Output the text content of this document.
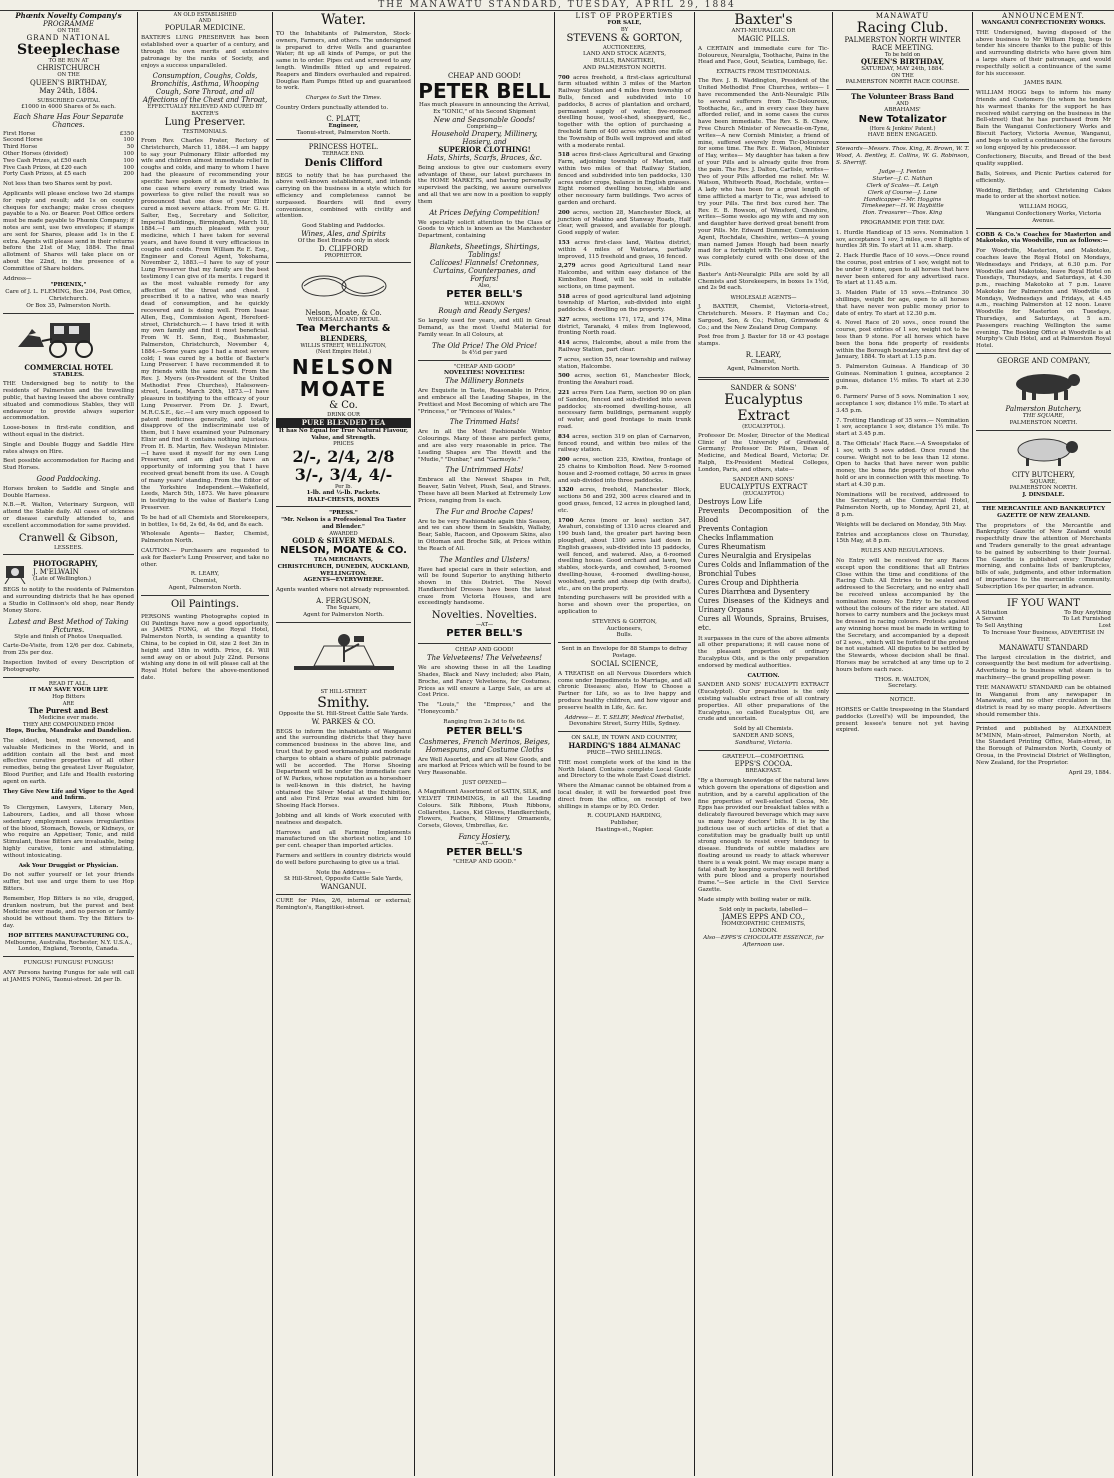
THE MANAWATU STANDARD, TUESDAY, APRIL 29, 1884
Phœnix Novelty Company's
PROGRAMME
ON THE
GRAND NATIONAL
Steeplechase
TO BE RUN AT
CHRISTCHURCH
ON THE
QUEEN'S BIRTHDAY,
May 24th, 1884.
SUBSCRIBED CAPITAL
£1000 in 4000 Shares of 5s each.
Each Share Has Four Separate Chances.
First Horse	£350
Second Horse	100
Third Horse	50
Other Horses (divided)	100
Two Cash Prizes, at £50 each	100
Five Cash Prizes, at £20 each	100
Forty Cash Prizes, at £5 each	200
Not less than two Shares sent by post.
Applicants will please enclose two 2d stamps for reply and result; add 1s on country cheques for exchange; make cross cheques payable to a No. or Bearer. Post Office orders must be made payable to Phœnix Company; if notes are sent, use two envelopes; if stamps are sent for Shares, please add 1s in the £ extra. Agents will please send in their returns before the 21st of May, 1884. The final allotment of Shares will take place on or about the 22nd, in the presence of a Committee of Share holders.
Address—
"PHŒNIX,"
Care of J. L. FLEMING, Box 204, Post Office, Christchurch.
Or Box 35, Palmerston North.
COMMERCIAL HOTEL
STABLES.
THE Undersigned beg to notify to the residents of Palmerston and the travelling public, that having leased the above centrally situated and commodious Stables, they will endeavour to provide always superior accommodation.
Loose-boxes in first-rate condition, and without equal in the district.
Single and Double Buggy and Saddle Hire rates always on Hire.
Best possible accommodation for Racing and Stud Horses.
Good Paddocking.
Horses broken to Saddle and Single and Double Harness.
N.B.—R. Walton, Veterinary Surgeon, will attend the Stable daily. All cases of sickness or disease carefully attended to, and excellent accommodation for same provided.
Cranwell & Gibson,
LESSEES.
PHOTOGRAPHY,
J. M'ELWAIN
(Late of Wellington.)
BEGS to notify to the residents of Palmerston and surrounding districts that he has opened a Studio in Collinson's old shop, near Rendy Money Store.
Latest and Best Method of Taking Pictures.
Style and finish of Photos Unequalled.
Carte-De-Visite, from 12/6 per doz. Cabinets, from 25s per doz.
Inspection Invited of every Description of Photography.
READ IT ALL.
IT MAY SAVE YOUR LIFE
Hop Bitters
ARE
The Purest and Best
Medicine ever made.
THEY ARE COMPOUNDED FROM
Hops, Buchu, Mandrake and Dandelion.
The oldest, best, most renowned, and valuable Medicines in the World, and in addition contain all the best and most effective curative properties of all other remedies, being the greatest Liver Regulator, Blood Purifier, and Life and Health restoring agent on earth.
They Give New Life and Vigor to the Aged and Infirm.
To Clergymen, Lawyers, Literary Men, Labourers, Ladies, and all those whose sedentary employment causes irregularities of the blood, Stomach, Bowels, or Kidneys, or who require an Appetiser, Tonic, and mild Stimulant, these Bitters are invaluable, being highly curative, tonic and stimulating, without intoxicating.
Ask Your Druggist or Physician.
Do not suffer yourself or let your friends suffer, but use and urge them to use Hop Bitters.
Remember, Hop Bitters is no vile, drugged, drunken nostrum, but the purest and best Medicine ever made, and no person or family should be without them. Try the Bitters to-day.
HOP BITTERS MANUFACTURING CO.,
Melbourne, Australia, Rochester, N.Y. U.S.A., London, England, Toronto, Canada.
FUNGUS! FUNGUS! FUNGUS!
ANY Persons having Fungus for sale will call at JAMES FONG, Taonui-street. 2d per lb.
AN OLD ESTABLISHED
AND
POPULAR MEDICINE.
BAXTER'S LUNG PRESERVER has been established over a quarter of a century, and through its own merits and extensive patronage by the ranks of Society, and enjoys a success unparalleled.
Consumption, Coughs, Colds, Bronchitis, Asthma, Whooping Cough, Sore Throat, and all Affections of the Chest and Throat,
EFFECTUALLY RELIEVED AND CURED BY BAXTER'S
Lung Preserver.
TESTIMONIALS.
From Rev. Charles Prater, Rectory of Christchurch, March 11, 1884.—I am happy to say your Pulmonary Elixir afforded my wife and children almost immediate relief in coughs and colds, and many to whom I have had the pleasure of recommending your specific have spoken of it as invaluable. In one case where every remedy tried was powerless to give relief the result was so pronounced that one dose of your Elixir cured a most severe attack. From Mr. G. H. Salter, Esq., Secretary and Solicitor, Imperial Buildings, Birmingham, March 18, 1884.—I am much pleased with your medicine, which I have taken for several years, and have found it very efficacious in coughs and colds. From William Re E. Esq., Engineer and Consul Agent, Yokohama, November 2, 1883.—I have to say of your Lung Preserver that my family are the best testimony I can give of its merits. I regard it as the most valuable remedy for any affection of the throat and chest. I prescribed it to a native, who was nearly dead of consumption, and he quickly recovered and is doing well. From Isaac Allen, Esq., Commission Agent, Hereford-street, Christchurch.— I have tried it with my own family and find it most beneficial. From W. H. Senn, Esq., Bushmaster, Palmerston, Christchurch, November 4, 1884.—Some years ago I had a most severe cold; I was cured by a bottle of Baxter's Lung Preserver. I have recommended it to my friends with the same result. From the Rev. J. Myers (ex-President of the United Methodist Free Churches), Halesowen-street, Leeds, March 20th, 1873.—I have pleasure in testifying to the efficacy of your Lung Preserver. From Dr. J. Ewart, M.R.C.S.E., &c.—I am very much opposed to patent medicines generally, and totally disapprove of the indiscriminate use of them, but I have examined your Pulmonary Elixir and find it contains nothing injurious. From H. B. Martin, Rev. Wesleyan Minister.—I have used it myself for my own Lung Preserver, and am glad to have an opportunity of informing you that I have received great benefit from its use. A Cough of many years' standing. From the Editor of the Yorkshire Independent.—Wakefield, Leeds, March 5th, 1873. We have pleasure in testifying to the value of Baxter's Lung Preserver.
To be had of all Chemists and Storekeepers, in bottles, 1s 6d, 2s 6d, 4s 6d, and 8s each.
Wholesale Agents— Baxter, Chemist, Palmerston North.
CAUTION.— Purchasers are requested to ask for Baxter's Lung Preserver, and take no other.
R. LEARY,
Chemist,
Agent, Palmerston North.
Oil Paintings.
PERSONS wanting Photographs copied in Oil Paintings have now a good opportunity, as JAMES FONG, at the Royal Hotel, Palmerston North, is sending a quantity to China, to be copied in Oil, size 2 feet 3in in height and 18in in width. Price, £4. Will send away on or about July 22nd. Persons wishing any done in oil will please call at the Royal Hotel before the above-mentioned date.
Water.
TO the Inhabitants of Palmerston, Stock-owners, Farmers, and others. The undersigned is prepared to drive Wells and guarantee Water; fit up all kinds of Pumps, or put the same in to order. Pipes cut and screwed to any length. Windmills fitted up and repaired. Reapers and Binders overhauled and repaired. Douglas Ram Pumps fitted up and guaranteed to work.
Charges to Suit the Times.
Country Orders punctually attended to.
C. PLATT,
Engineer,
Taonui-street, Palmerston North.
PRINCESS HOTEL.
TERRACE END.
Denis Clifford
BEGS to notify that he has purchased the above well-known establishment, and intends carrying on the business in a style which for efficiency and completeness cannot be surpassed. Boarders will find every convenience, combined with civility and attention.
Good Stabling and Paddocks.
Wines, Ales, and Spirits
Of the Best Brands only in stock
D. CLIFFORD
PROPRIETOR.
Nelson, Moate, & Co.
WHOLESALE AND RETAIL
Tea Merchants &
BLENDERS,
WILLIS STREET, WELLINGTON,
(Next Empire Hotel.)
NELSON
MOATE
& Co.
DRINK OUR
PURE BLENDED TEA
It has No Equal for True Natural Flavour, Value, and Strength.
PRICES
2/-, 2/4, 2/8
3/-, 3/4, 4/-
Per lb.
1-lb. and ½-lb. Packets.
HALF-CHESTS, BOXES
"PRESS."
"Mr. Nelson is a Professional Tea Taster and Blender."
AWARDED
GOLD & SILVER MEDALS.
NELSON, MOATE & CO.
TEA MERCHANTS,
CHRISTCHURCH, DUNEDIN, AUCKLAND, WELLINGTON.
AGENTS—EVERYWHERE.
Agents wanted where not already represented.
A. FERGUSON,
The Square,
Agent for Palmerston North.
ST HILL-STREET
Smithy.
Opposite the St. Hill-Street Cattle Sale Yards.
W. PARKES & CO.
BEGS to inform the inhabitants of Wanganui and the surrounding districts that they have commenced business in the above line, and trust that by good workmanship and moderate charges to obtain a share of public patronage will be accorded. The Horse Shoeing Department will be under the immediate care of W. Parkes, whose reputation as a horseshoer is well-known in this district, he having obtained the Silver Medal at the Exhibition, and also First Prize was awarded him for Shoeing Hack Horses.
Jobbing and all kinds of Work executed with neatness and despatch.
Harrows and all Farming Implements manufactured on the shortest notice, and 10 per cent. cheaper than imported articles.
Farmers and settlers in country districts would do well before purchasing to give us a trial.
Note the Address—
St Hill-Street, Opposite Cattle Sale Yards,
WANGANUI.
CURE for Piles, 2/6, internal or external; Remington's, Rangitikei-street.
CHEAP AND GOOD!
PETER BELL
Has much pleasure in announcing the Arrival, Ex "IONIC," of his Second Shipment
New and Seasonable Goods!
Comprising—
Household Drapery, Millinery, Hosiery, and
SUPERIOR CLOTHING!
Hats, Shirts, Scarfs, Braces, &c.
Being anxious to give our customers every advantage of these, our latest purchases in the HOME MARKETS, and having personally supervised the packing, we assure ourselves and all that we are now in a position to supply them
At Prices Defying Competition!
We specially solicit attention to the Class of Goods to which is known as the Manchester Department, containing
Blankets, Sheetings, Shirtings, Tablings!
Calicoes! Flannels! Cretonnes, Curtains, Counterpanes, and Forfars!
Also,
PETER BELL'S
WELL-KNOWN
Rough and Ready Serges!
So largely used for years, and still in Great Demand, as the most Useful Material for Family wear. In all Colours, at
The Old Price! The Old Price!
Is 4½d per yard
"CHEAP AND GOOD"
NOVELTIES! NOVELTIES!
The Millinery Bonnets
Are Exquisite in Taste, Reasonable in Price, and embrace all the Leading Shapes, in the Prettiest and Most Becoming of which are The "Princess," or "Princess of Wales."
The Trimmed Hats!
Are in all the Most Fashionable Winter Colourings. Many of these are perfect gems, and are also very reasonable in price. The Leading Shapes are The Hewitt and the "Mudie," "Dunbar," and "Garmoyle."
The Untrimmed Hats!
Embrace all the Newest Shapes in Felt, Beaver, Satin Velvet, Plush, Seal, and Straws. These have all been Marked at Extremely Low Prices, ranging from 1s each.
The Fur and Broche Capes!
Are to be very Fashionable again this Season, and we can show them in Sealskin, Wallaby, Bear, Sable, Racoon, and Opossum Skins, also in Ottoman and Broche Silk, at Prices within the Reach of All.
The Mantles and Ulsters!
Have had special care in their selection, and will be found Superior to anything hitherto shown in this District. The Novel Handkerchief Dresses have been the latest craze from Victoria Houses, and are exceedingly handsome.
Novelties. Novelties.
—AT—
PETER BELL'S
CHEAP AND GOOD!
The Velveteens! The Velveteens!
We are showing these in all the Leading Shades, Black and Navy included; also Plain, Broche, and Fancy Velveteens, for Costumes. Prices as will ensure a Large Sale, as are at Cost Price.
The "Louis," the "Empress," and the "Honeycomb."
Ranging from 2s 3d to 6s 6d.
PETER BELL'S
Cashmeres, French Merinos, Beiges, Homespuns, and Costume Cloths
Are Well Assorted, and are all New Goods, and are marked at Prices which will be found to be Very Reasonable.
JUST OPENED—
A Magnificent Assortment of SATIN, SILK, and VELVET TRIMMINGS, in all the Leading Colours. Silk Ribbons, Plush Ribbons, Collarettes, Laces, Kid Gloves, Handkerchiefs, Flowers, Feathers, Millinery Ornaments, Corsets, Gloves, Umbrellas, &c.
Fancy Hosiery,
—AT—
PETER BELL'S
"CHEAP AND GOOD."
LIST OF PROPERTIES
FOR SALE,
BY
STEVENS & GORTON,
AUCTIONEERS,
LAND AND STOCK AGENTS,
BULLS, RANGITIKEI,
AND PALMERSTON NORTH.
700 acres freehold, a first-class agricultural farm situated within 3 miles of the Marton Railway Station and 4 miles from township of Bulls, fenced and subdivided into 10 paddocks, 8 acres of plantation and orchard, permanent supply of water, five-roomed dwelling house, wool-shed, sheepyard, &c., together with the option of purchasing a freehold farm of 400 acres within one mile of the Township of Bulls well improved and sited with a moderate rental.
518 acres first-class Agricultural and Grazing Farm, adjoining township of Marton, and within two miles of that Railway Station, fenced and subdivided into ten paddocks, 130 acres under crops, balance in English grasses. Eight roomed dwelling house, stable and other necessary farm buildings. Two acres of garden and orchard.
200 acres, section 28, Manchester Block, at junction of Makino and Stanway Roads, Half clear, well grassed, and available for plough. Good supply of water.
153 acres first-class land, Waitea district, within 4 miles of Waitotara, partially improved, 115 freehold and grass, 16 fenced.
2,279 acres good Agricultural Land near Halcombe, and within easy distance of the Kimbolton Road, will be sold in suitable sections, on time payment.
518 acres of good agricultural land adjoining township of Marton, sub-divided into eight paddocks. 4 dwelling on the property.
327 acres, sections 171, 172, and 174, Mina district, Taranaki, 4 miles from Inglewood, fronting North road.
414 acres, Halcombe, about a mile from the Railway Station, part clear.
7 acres, section 55, near township and railway station, Halcombe.
500 acres, section 61, Manchester Block, fronting the Awahuri road.
221 acres Fern Lea Farm, section 90 on plan of Sandon, fenced and sub-divided into seven paddocks; six-roomed dwelling-house, all necessary farm buildings, permanent supply of water, and good frontage to main trunk road.
834 acres, section 319 on plan of Carnarvon, fenced round, and within two miles of the railway station.
200 acres, section 235, Kiwitea, frontage of 25 chains to Kimbolton Road. New 5-roomed house and 2-roomed cottage, 50 acres in grass and sub-divided into three paddocks.
1320 acres, freehold, Manchester Block, sections 56 and 292, 300 acres cleared and in good grass, fenced, 12 acres in ploughed land, etc.
1700 Acres (more or less) section 347, Awahuri, consisting of 1310 acres cleared and 190 bush land, the greater part having been ploughed, about 1300 acres laid down in English grasses, sub-divided into 15 paddocks, well fenced, and watered. Also, a 6-roomed dwelling house. Good orchard and lawn, two stables, stock-yards, and cowshed, 5-roomed dwelling-house, 4-roomed dwelling-house, woolshed, yards and sheep dip (with drafts), etc., are on the property.
Intending purchasers will be provided with a horse and shown over the properties, on application to
STEVENS & GORTON,
Auctioneers,
Bulls.
Sent in an Envelope for 88 Stamps to defray Postage.
SOCIAL SCIENCE,
A TREATISE on all Nervous Disorders which come under Impediments to Marriage, and all chronic Diseases; also, How to Choose a Partner for Life, so as to live happy and produce healthy children, and how vigour and preserve health in Life, &c. &c.
Address— E. T. SELBY, Medical Herbalist,
Devonshire Street, Surry Hills, Sydney.
ON SALE, IN TOWN AND COUNTRY,
HARDING'S 1884 ALMANAC
PRICE—TWO SHILLINGS.
THE most complete work of the kind in the North Island. Contains complete Local Guide and Directory to the whole East Coast district.
Where the Almanac cannot be obtained from a local dealer, it will be forwarded post free direct from the office, on receipt of two shillings in stamps or by P.O. Order.
R. COUPLAND HARDING,
Publisher,
Hastings-st., Napier.
Baxter's
ANTI-NEURALGIC OR
MAGIC PILLS.
A CERTAIN and immediate cure for Tic-Doloureux, Neuralgia, Toothache, Pains in the Head and Face, Gout, Sciatica, Lumbago, &c.
EXTRACTS FROM TESTIMONIALS.
The Rev. J. B. Waddington, President of the United Methodist Free Churches, writes— I have recommended the Anti-Neuralgic Pills to several sufferers from Tic-Doloureux, Toothache, &c., and in every case they have afforded relief, and in some cases the cures have been immediate. The Rev. S. B. Chew, Free Church Minister of Newcastle-on-Tyne, writes—A new Cornish Minister, a friend of mine, suffered severely from Tic-Doloureux for some time. The Rev. E. Watson, Minister of Hay, writes— My daughter has taken a few of your Pills and is already quite free from the pain. The Rev. J. Dalton, Carlisle, writes—Two of your Pills afforded me relief. Mr. W. Watson, Whitworth Road, Rochdale, writes—A lady who has been for a great length of time afflicted a martyr to Tic, was advised to try your Pills. The first box cured her. The Rev. E. B. Rowson, of Winsford, Cheshire, writes—Some weeks ago my wife and my son and daughter have derived great benefit from your Pills. Mr. Edward Dummer, Commission Agent, Rochdale, Cheshire, writes—A young man named James Hough had been nearly mad for a fortnight with Tic-Doloureux, and was completely cured with one dose of the Pills.
Baxter's Anti-Neuralgic Pills are sold by all Chemists and Storekeepers, in boxes 1s 1½d, and 2s 9d each.
WHOLESALE AGENTS—
J. BAXTER, Chemist, Victoria-street, Christchurch. Messrs. P. Hayman and Co.; Sargood, Son, & Co.; Felton, Grimwade & Co.; and the New Zealand Drug Company.
Post free from J. Baxter for 18 or 43 postage stamps.
R. LEARY,
Chemist,
Agent, Palmerston North.
SANDER & SONS'
Eucalyptus Extract
(EUCALYPTOL).
Professor Dr. Mosler, Director of the Medical Clinic of the University of Greifswald, Germany; Professor Dr. Pilsen, Dean of Medicine, and Medical Board, Victoria; Dr. Ralph, Ex-President Medical Colleges, London, Paris, and others, state—
SANDER AND SONS'
EUCALYPTUS EXTRACT
(EUCALYPTOL)
Destroys Low Life
Prevents Decomposition of the Blood
Prevents Contagion
Checks Inflammation
Cures Rheumatism
Cures Neuralgia and Erysipelas
Cures Colds and Inflammation of the Bronchial Tubes
Cures Croup and Diphtheria
Cures Diarrhœa and Dysentery
Cures Diseases of the Kidneys and Urinary Organs
Cures all Wounds, Sprains, Bruises, etc.
It surpasses in the cure of the above ailments all other preparations; it will cause none of the pleasant properties of ordinary Eucalyptus Oils, and is the only preparation endorsed by medical authorities.
CAUTION.
SANDER AND SONS' EUCALYPTI EXTRACT (Eucalyptol). Our preparation is the only existing valuable extract free of all contrary properties. All other preparations of the Eucalyptus, so called Eucalyptus Oil, are crude and uncertain.
Sold by all Chemists.
SANDER AND SONS,
Sandhurst, Victoria.
GRATEFUL—COMFORTING.
EPPS'S COCOA.
BREAKFAST.
"By a thorough knowledge of the natural laws which govern the operations of digestion and nutrition, and by a careful application of the fine properties of well-selected Cocoa, Mr. Epps has provided our breakfast tables with a delicately flavoured beverage which may save us many heavy doctors' bills. It is by the judicious use of such articles of diet that a constitution may be gradually built up until strong enough to resist every tendency to disease. Hundreds of subtle maladies are floating around us ready to attack wherever there is a weak point. We may escape many a fatal shaft by keeping ourselves well fortified with pure blood and a properly nourished frame."—See article in the Civil Service Gazette.
Made simply with boiling water or milk.
Sold only in packets, labelled—
JAMES EPPS AND CO.,
HOMŒOPATHIC CHEMISTS,
LONDON.
Also—EPPS'S CHOCOLATE ESSENCE, for Afternoon use.
MANAWATU
Racing Club.
PALMERSTON NORTH WINTER RACE MEETING.
To be held on
QUEEN'S BIRTHDAY,
SATURDAY, MAY 24th, 1884.
ON THE
PALMERSTON NORTH RACE COURSE.
The Volunteer Brass Band
AND
ABRAHAMS'
New Totalizator
(Hore & Jenkins' Patent.)
HAVE BEEN ENGAGED.
Stewards—Messrs. Thos. King, R. Brown, W. T. Wood, A. Bentley, E. Collins, W. G. Robinson, S. Sherriff.
Judge—J. Fenton
Starter—J. C. Nathan
Clerk of Scales—R. Leigh
Clerk of Course—J. Lane
Handicapper—Mr. Hoggins
Timekeeper—H. W. Haybittle
Hon. Treasurer—Thos. King
PROGRAMME FOR THE DAY.
1. Hurdle Handicap of 15 sovs. Nomination 1 sov, acceptance 1 sov, 3 miles, over 8 flights of hurdles 3ft 9in. To start at 11 a.m. sharp.
2. Hack Hurdle Race of 10 sovs.—Once round the course, post entries of 1 sov, weight not to be under 9 stone, open to all horses that have never been entered for any advertised race. To start at 11.45 a.m.
3. Maiden Plate of 15 sovs.—Entrance 30 shillings, weight for age, open to all horses that have never won public money prior to date of entry. To start at 12.30 p.m.
4. Novel Race of 20 sovs., once round the course, post entries of 1 sov, weight not to be less than 9 stone. For all horses which have been the bona fide property of residents within the Borough boundary since first day of January, 1884. To start at 1.15 p.m.
5. Palmerston Guineas. A Handicap of 30 Guineas. Nomination 1 guinea, acceptance 2 guineas, distance 1½ miles. To start at 2.30 p.m.
6. Farmers' Purse of 5 sovs. Nomination 1 sov, acceptance 1 sov, distance 1½ mile. To start at 3.45 p.m.
7. Trotting Handicap of 35 sovs.— Nomination 1 sov, acceptance 1 sov, distance 1½ mile. To start at 3.45 p.m.
8. The Officials' Hack Race.—A Sweepstake of 1 sov, with 5 sovs added. Once round the course. Weight not to be less than 12 stone. Open to hacks that have never won public money, the bona fide property of those who hold or are in connection with this meeting. To start at 4.30 p.m.
Nominations will be received, addressed to the Secretary, at the Commercial Hotel, Palmerston North, up to Monday, April 21, at 8 p.m.
Weights will be declared on Monday, 5th May.
Entries and acceptances close on Thursday, 15th May, at 8 p.m.
RULES AND REGULATIONS.
No Entry will be received for any Races except upon the conditions: that all Entries Close within the time and conditions of the Racing Club. All Entries to be sealed and addressed to the Secretary, and no entry shall be received unless accompanied by the nomination money. No Entry to be received without the colours of the rider are stated. All horses to carry numbers and the jockeys must be dressed in racing colours. Protests against any winning horse must be made in writing to the Secretary, and accompanied by a deposit of 2 sovs., which will be forfeited if the protest be not sustained. All disputes to be settled by the Stewards, whose decision shall be final. Horses may be scratched at any time up to 2 hours before each race.
THOS. R. WALTON,
Secretary.
NOTICE.
HORSES or Cattle trespassing in the Standard paddocks (Lovell's) will be impounded, the present lessee's tenure not yet having expired.
ANNOUNCEMENT.
WANGANUI CONFECTIONERY WORKS.
THE Undersigned, having disposed of the above business to Mr William Hogg, begs to tender his sincere thanks to the public of this and surrounding districts who have given him a large share of their patronage, and would respectfully solicit a continuance of the same for his successor.
JAMES BAIN.
WILLIAM HOGG begs to inform his many friends and Customers (to whom he tenders his warmest thanks for the support he has received whilst carrying on the business in the Bell-street) that he has purchased from Mr Bain the Wanganui Confectionery Works and Biscuit Factory, Victoria Avenue, Wanganui, and begs to solicit a continuance of the favours so long enjoyed by his predecessor.
Confectionery, Biscuits, and Bread of the best quality supplied.
Balls, Soirees, and Picnic Parties catered for efficiently.
Wedding, Birthday, and Christening Cakes made to order at the shortest notice.
WILLIAM HOGG,
Wanganui Confectionery Works, Victoria Avenue.
COBB & Co.'s Coaches for Masterton and Makotoko, via Woodville, run as follows:—
For Woodville, Masterton, and Makotoko, coaches leave the Royal Hotel on Mondays, Wednesdays and Fridays, at 6.30 p.m. For Woodville and Makotoko, leave Royal Hotel on Tuesdays, Thursdays, and Saturdays, at 4.30 p.m., reaching Makotoko at 7 p.m. Leave Makotoko for Palmerston and Woodville on Mondays, Wednesdays and Fridays, at 4.45 a.m., reaching Palmerston at 12 noon. Leave Woodville for Masterton on Tuesdays, Thursdays, and Saturdays, at 5 a.m. Passengers reaching Wellington the same evening. The Booking Office at Woodville is at Murphy's Club Hotel, and at Palmerston Royal Hotel.
GEORGE AND COMPANY,
Palmerston Butchery,
THE SQUARE,
PALMERSTON NORTH.
CITY BUTCHERY,
SQUARE,
PALMERSTON NORTH.
J. DINSDALE.
THE MERCANTILE AND BANKRUPTCY GAZETTE OF NEW ZEALAND.
The proprietors of the Mercantile and Bankruptcy Gazette of New Zealand would respectfully draw the attention of Merchants and Traders generally to the great advantage to be gained by subscribing to their Journal. The Gazette is published every Thursday morning, and contains lists of bankruptcies, bills of sale, judgments, and other information of importance to the mercantile community. Subscription 16s per quarter, in advance.
IF YOU WANT
A Situation	To Buy Anything
A Servant	To Let Furnished
To Sell Anything	Lost
To Increase Your Business, ADVERTISE IN THE
MANAWATU STANDARD
The largest circulation in the district, and consequently the best medium for advertising. Advertising is to business what steam is to machinery—the grand propelling power.
THE MANAWATU STANDARD can be obtained in Wanganui from any newspaper in Manawatu, and no other circulation in the district is read by so many people. Advertisers should remember this.
Printed and published by ALEXANDER M'MINN, Main-street, Palmerston North, at the Standard Printing Office, Main-street, in the Borough of Palmerston North, County of Oroua, in the Provincial District of Wellington, New Zealand, for the Proprietor.
April 29, 1884.
